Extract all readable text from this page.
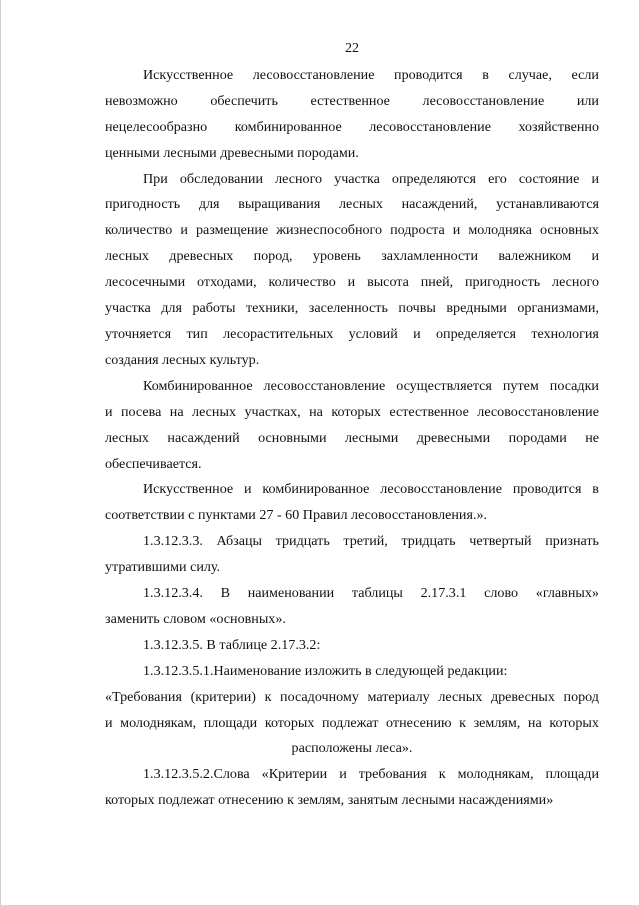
22
Искусственное лесовосстановление проводится в случае, если
невозможно обеспечить естественное лесовосстановление или
нецелесообразно комбинированное лесовосстановление хозяйственно
ценными лесными древесными породами.
При обследовании лесного участка определяются его состояние и
пригодность для выращивания лесных насаждений, устанавливаются
количество и размещение жизнеспособного подроста и молодняка основных
лесных древесных пород, уровень захламленности валежником и
лесосечными отходами, количество и высота пней, пригодность лесного
участка для работы техники, заселенность почвы вредными организмами,
уточняется тип лесорастительных условий и определяется технология
создания лесных культур.
Комбинированное лесовосстановление осуществляется путем посадки
и посева на лесных участках, на которых естественное лесовосстановление
лесных насаждений основными лесными древесными породами не
обеспечивается.
Искусственное и комбинированное лесовосстановление проводится в
соответствии с пунктами 27 - 60 Правил лесовосстановления.».
1.3.12.3.3. Абзацы тридцать третий, тридцать четвертый признать
утратившими силу.
1.3.12.3.4. В наименовании таблицы 2.17.3.1 слово «главных»
заменить словом «основных».
1.3.12.3.5. В таблице 2.17.3.2:
1.3.12.3.5.1.Наименование изложить в следующей редакции:
«Требования (критерии) к посадочному материалу лесных древесных пород
и молоднякам, площади которых подлежат отнесению к землям, на которых
расположены леса».
1.3.12.3.5.2.Слова «Критерии и требования к молоднякам, площади
которых подлежат отнесению к землям, занятым лесными насаждениями»
